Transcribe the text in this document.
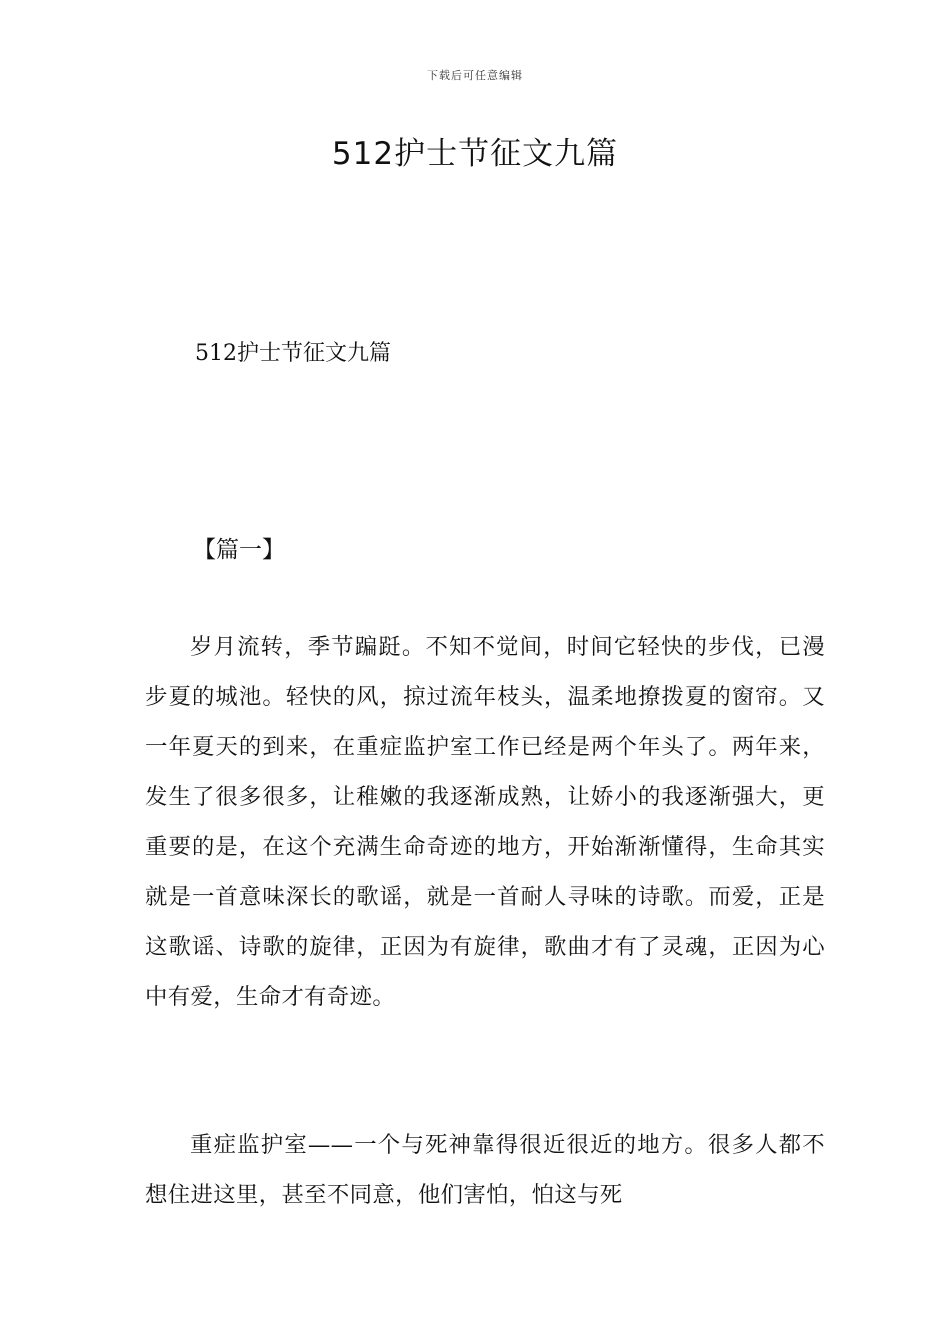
下载后可任意编辑
512护士节征文九篇
512护士节征文九篇
【篇一】

岁月流转，季节蹁跹。不知不觉间，时间它轻快的步伐，已漫步夏的城池。轻快的风，掠过流年枝头，温柔地撩拨夏的窗帘。又一年夏天的到来，在重症监护室工作已经是两个年头了。两年来，发生了很多很多，让稚嫩的我逐渐成熟，让娇小的我逐渐强大，更重要的是，在这个充满生命奇迹的地方，开始渐渐懂得，生命其实就是一首意味深长的歌谣，就是一首耐人寻味的诗歌。而爱，正是这歌谣、诗歌的旋律，正因为有旋律，歌曲才有了灵魂，正因为心中有爱，生命才有奇迹。

重症监护室——一个与死神靠得很近很近的地方。很多人都不想住进这里，甚至不同意，他们害怕，怕这与死
